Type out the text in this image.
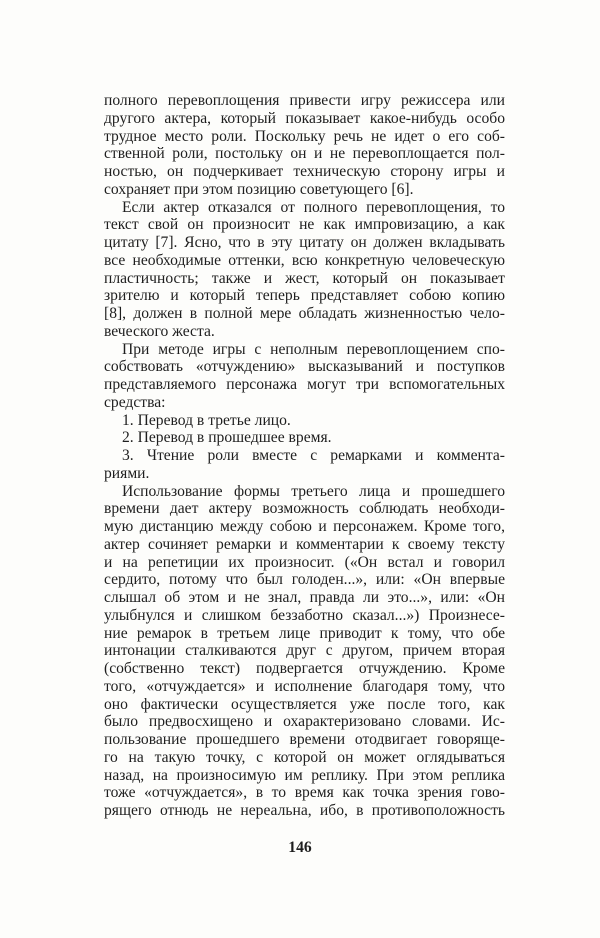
полного перевоплощения привести игру режиссера или
другого актера, который показывает какое-нибудь особо
трудное место роли. Поскольку речь не идет о его соб-
ственной роли, постольку он и не перевоплощается пол-
ностью, он подчеркивает техническую сторону игры и
сохраняет при этом позицию советующего [6].
Если актер отказался от полного перевоплощения, то
текст свой он произносит не как импровизацию, а как
цитату [7]. Ясно, что в эту цитату он должен вкладывать
все необходимые оттенки, всю конкретную человеческую
пластичность; также и жест, который он показывает
зрителю и который теперь представляет собою копию
[8], должен в полной мере обладать жизненностью чело-
веческого жеста.
При методе игры с неполным перевоплощением спо-
собствовать «отчуждению» высказываний и поступков
представляемого персонажа могут три вспомогательных
средства:
1. Перевод в третье лицо.
2. Перевод в прошедшее время.
3. Чтение роли вместе с ремарками и коммента-
риями.
Использование формы третьего лица и прошедшего
времени дает актеру возможность соблюдать необходи-
мую дистанцию между собою и персонажем. Кроме того,
актер сочиняет ремарки и комментарии к своему тексту
и на репетиции их произносит. («Он встал и говорил
сердито, потому что был голоден...», или: «Он впервые
слышал об этом и не знал, правда ли это...», или: «Он
улыбнулся и слишком беззаботно сказал...») Произнесе-
ние ремарок в третьем лице приводит к тому, что обе
интонации сталкиваются друг с другом, причем вторая
(собственно текст) подвергается отчуждению. Кроме
того, «отчуждается» и исполнение благодаря тому, что
оно фактически осуществляется уже после того, как
было предвосхищено и охарактеризовано словами. Ис-
пользование прошедшего времени отодвигает говоряще-
го на такую точку, с которой он может оглядываться
назад, на произносимую им реплику. При этом реплика
тоже «отчуждается», в то время как точка зрения гово-
рящего отнюдь не нереальна, ибо, в противоположность
146
